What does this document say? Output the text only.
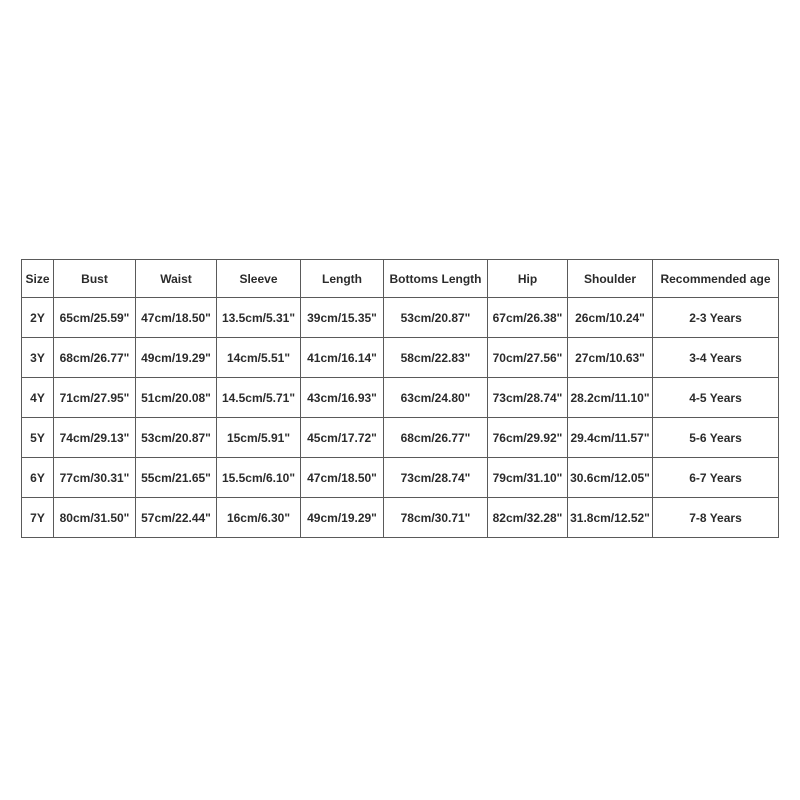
Size	Bust	Waist	Sleeve	Length	Bottoms Length	Hip	Shoulder	Recommended age
2Y	65cm/25.59"	47cm/18.50"	13.5cm/5.31"	39cm/15.35"	53cm/20.87"	67cm/26.38"	26cm/10.24"	2-3 Years
3Y	68cm/26.77"	49cm/19.29"	14cm/5.51"	41cm/16.14"	58cm/22.83"	70cm/27.56"	27cm/10.63"	3-4 Years
4Y	71cm/27.95"	51cm/20.08"	14.5cm/5.71"	43cm/16.93"	63cm/24.80"	73cm/28.74"	28.2cm/11.10"	4-5 Years
5Y	74cm/29.13"	53cm/20.87"	15cm/5.91"	45cm/17.72"	68cm/26.77"	76cm/29.92"	29.4cm/11.57"	5-6 Years
6Y	77cm/30.31"	55cm/21.65"	15.5cm/6.10"	47cm/18.50"	73cm/28.74"	79cm/31.10"	30.6cm/12.05"	6-7 Years
7Y	80cm/31.50"	57cm/22.44"	16cm/6.30"	49cm/19.29"	78cm/30.71"	82cm/32.28"	31.8cm/12.52"	7-8 Years
